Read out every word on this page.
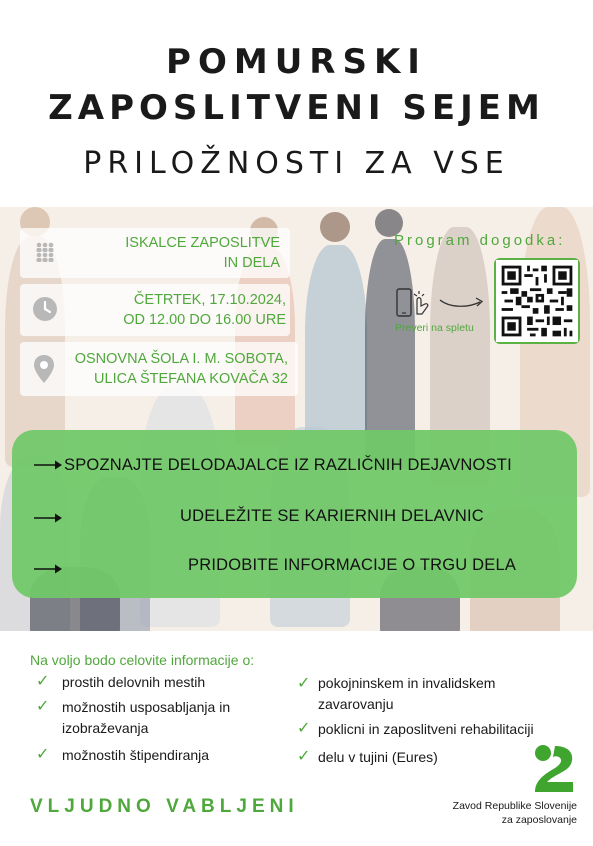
POMURSKI
ZAPOSLITVENI SEJEM
PRILOŽNOSTI ZA VSE
ISKALCE ZAPOSLITVE
IN DELA
ČETRTEK, 17.10.2024,
OD 12.00 DO 16.00 URE
OSNOVNA ŠOLA I. M. SOBOTA,
ULICA ŠTEFANA KOVAČA 32
Program dogodka:
Preveri na spletu
SPOZNAJTE DELODAJALCE IZ RAZLIČNIH DEJAVNOSTI
UDELEŽITE SE KARIERNIH DELAVNIC
PRIDOBITE INFORMACIJE O TRGU DELA
Na voljo bodo celovite informacije o:
✓ prostih delovnih mestih
✓ možnostih usposabljanja in
izobraževanja
✓ možnostih štipendiranja
✓ pokojninskem in invalidskem
zavarovanju
✓ poklicni in zaposlitveni rehabilitaciji
✓ delu v tujini (Eures)
VLJUDNO VABLJENI	Zavod Republike Slovenije
za zaposlovanje
